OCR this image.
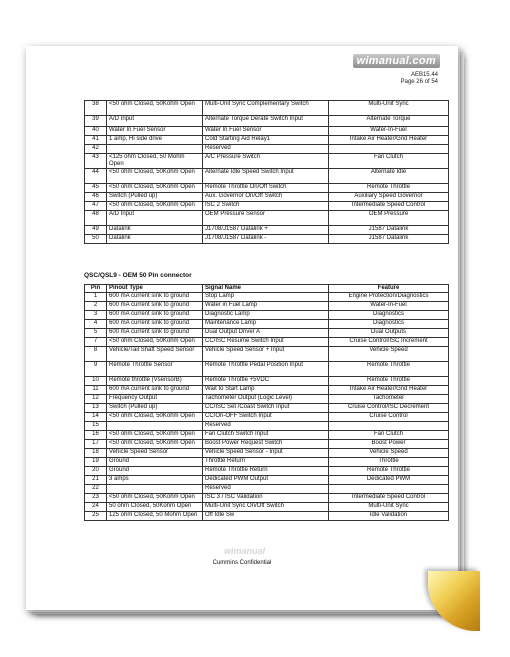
wimanual.com
AEB15.44
Page 26 of 54
38	<50 ohm Closed, 50Kohm Open	Multi-Unit Sync Complementary Switch	Multi-Unit Sync
39	A/D Input	Alternate Torque Derate Switch Input	Alternate Torque
40	Water In Fuel Sensor	Water In Fuel Sensor	Water-In-Fuel
41	1 amp, Hi side drive	Cold Starting Aid Relay1	Intake Air Heater/Grid Heater
42		Reserved	
43	<125 ohm Closed, 50 Mohm Open	A/C Pressure Switch	Fan Clutch
44	<50 ohm Closed, 50Kohm Open	Alternate Idle Speed Switch Input	Alternate Idle
45	<50 ohm Closed, 50Kohm Open	Remote Throttle On/Off Switch	Remote Throttle
46	Switch (Pulled up)	Aux. Governor On/Off Switch	Auxiliary Speed Governor
47	<50 ohm Closed, 50Kohm Open	ISC 2 Switch	Intermediate Speed Control
48	A/D Input	OEM Pressure Sensor	OEM Pressure
49	Datalink	J1708/J1587 Datalink +	J1587 Datalink
50	Datalink	J1708/J1587 Datalink -	J1587 Datalink
QSC/QSL9 - OEM 50 Pin connector
Pin	Pinout Type	Signal Name	Feature
1	600 mA current sink to ground	Stop Lamp	Engine Protection/Diagnostics
2	600 mA current sink to ground	Water in Fuel Lamp	Water-In-Fuel
3	600 mA current sink to ground	Diagnostic Lamp	Diagnostics
4	600 mA current sink to ground	Maintenance Lamp	Diagnostics
5	600 mA current sink to ground	Dual Output Driver A	Dual Outputs
7	<50 ohm Closed, 50Kohm Open	CC/ISC Resume Switch Input	Cruise Control/ISC Increment
8	Vehicle/Tail Shaft Speed Sensor	Vehicle Speed Sensor + Input	Vehicle Speed
9	Remote Throttle Sensor	Remote Throttle Pedal Position Input	Remote Throttle
10	Remote throttle (VsensorB)	Remote Throttle +5VDC	Remote Throttle
11	600 mA current sink to ground	Wait to Start Lamp	Intake Air Heater/Grid Heater
12	Frequency Output	Tachometer Output (Logic Level)	Tachometer
13	Switch (Pulled up)	CC/ISC Set /Coast Switch Input	Cruise Control/ISC Decrement
14	<50 ohm Closed, 50Kohm Open	CC/On-OFF Switch Input	Cruise Control
15		Reserved	
16	<50 ohm Closed, 50Kohm Open	Fan Clutch Switch Input	Fan Clutch
17	<50 ohm Closed, 50Kohm Open	Boost Power Request Switch	Boost Power
18	Vehicle Speed Sensor	Vehicle Speed Sensor - Input	Vehicle Speed
19	Ground	Throttle Return	Throttle
20	Ground	Remote Throttle Return	Remote Throttle
21	3 amps	Dedicated PWM Output	Dedicated PWM
22		Reserved	
23	<50 ohm Closed, 50Kohm Open	ISC 3 / ISC Validation	Intermediate Speed Control
24	50 ohm Closed, 50Kohm Open	Multi-Unit Sync On/Off Switch	Multi-Unit Sync
25	125 ohm Closed, 50 Mohm Open	Off Idle Sw	Idle Validation
wimanual
Cummins Confidential
